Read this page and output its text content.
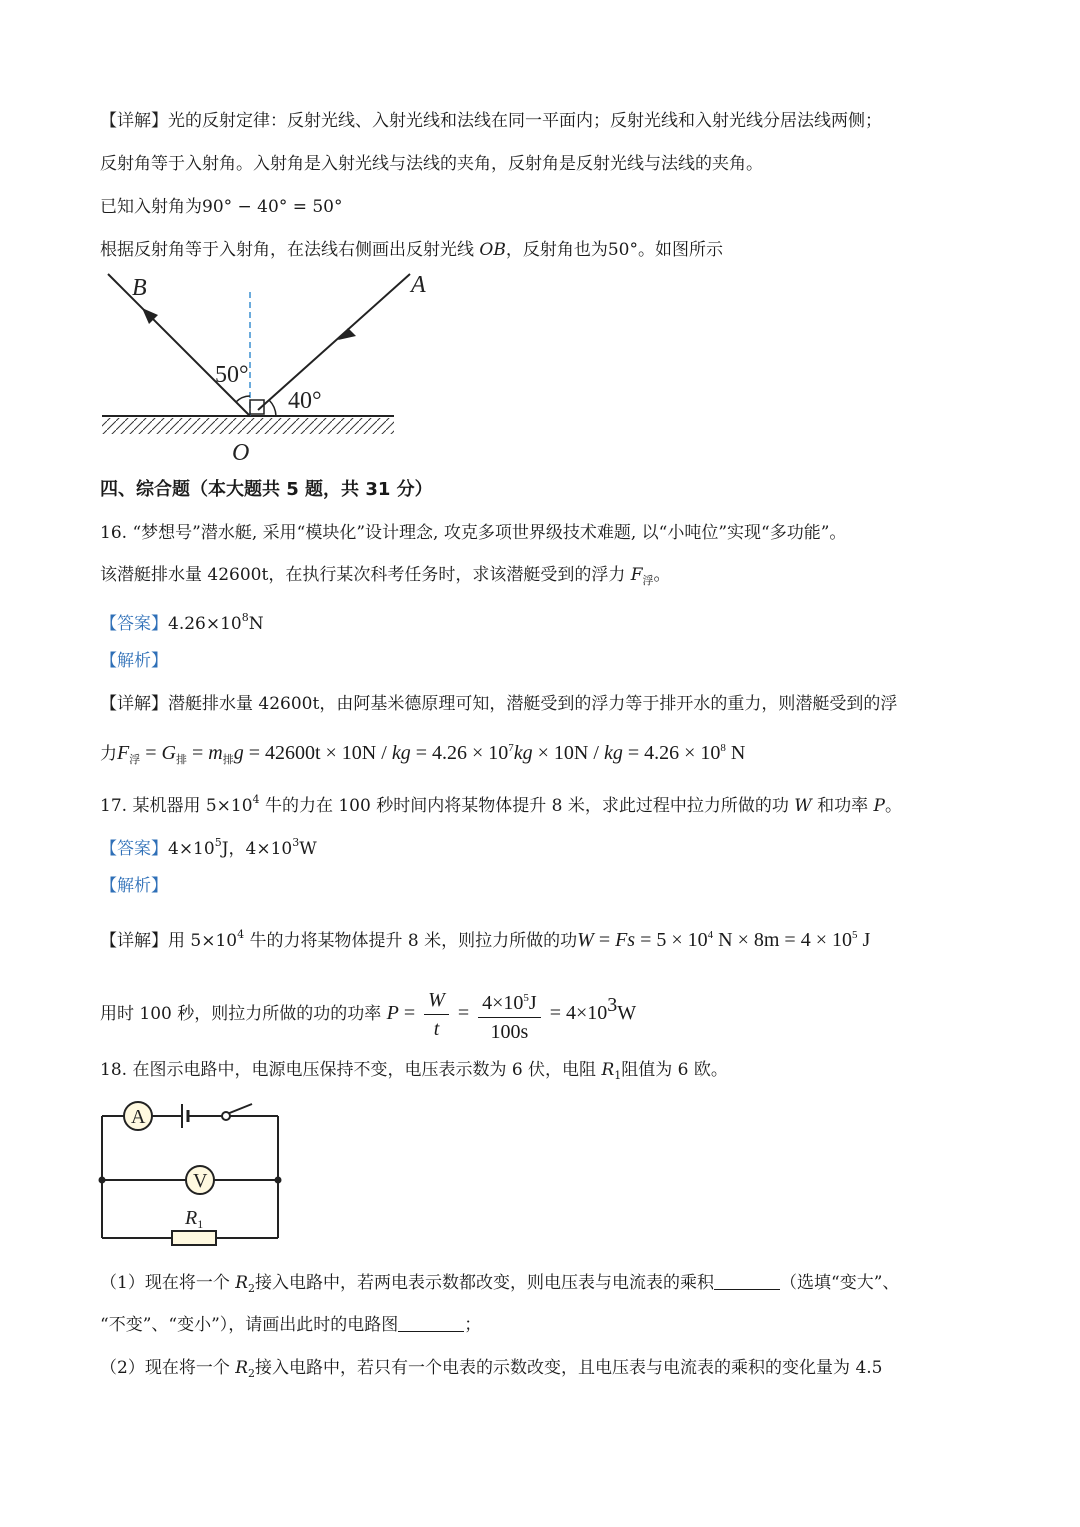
【详解】光的反射定律：反射光线、入射光线和法线在同一平面内；反射光线和入射光线分居法线两侧；
反射角等于入射角。入射角是入射光线与法线的夹角，反射角是反射光线与法线的夹角。
已知入射角为90° − 40° = 50°
根据反射角等于入射角，在法线右侧画出反射光线 OB，反射角也为50°。如图所示
B	A
O
50°
40°
四、综合题（本大题共 5 题，共 31 分）
16. “梦想号”潜水艇, 采用“模块化”设计理念, 攻克多项世界级技术难题, 以“小吨位”实现“多功能”。
该潜艇排水量 42600t，在执行某次科考任务时，求该潜艇受到的浮力 $F_浮$。
【答案】$4.26\times 10^8N$
【解析】
【详解】潜艇排水量 42600t，由阿基米德原理可知，潜艇受到的浮力等于排开水的重力，则潜艇受到的浮
力$F_浮 = G_排 = m_排g = 42600t \times 10N$ / kg = $4.26 \times 10^7kg \times 10N$ / kg = $4.26 \times 10^8$ N
17. 某机器用 $5\times 10^4$ 牛的力在 100 秒时间内将某物体提升 8 米，求此过程中拉力所做的功 W 和功率 P。
【答案】$4\times 10^5J$，$4\times 10^3W$
【解析】
【详解】用 $5\times 10^4$ 牛的力将某物体提升 8 米，则拉力所做的功$W = Fs = 5 \times 10^4$ $N \times 8m = 4 \times 10^5$ J
用时 100 秒，则拉力所做的功的功率 $P = \frac{W}{t} = \frac{4\times 10^5J}{100s} = 4\times 103W$
18. 在图示电路中，电源电压保持不变，电压表示数为 6 伏，电阻 $R_1$阻值为 6 欧。
A
V
$R_1$
（1）现在将一个 $R_2$接入电路中，若两电表示数都改变，则电压表与电流表的乘积	（选填“变大”、
“不变”、“变小”），请画出此时的电路图	；
（2）现在将一个 $R_2$接入电路中，若只有一个电表的示数改变，且电压表与电流表的乘积的变化量为 4.5
